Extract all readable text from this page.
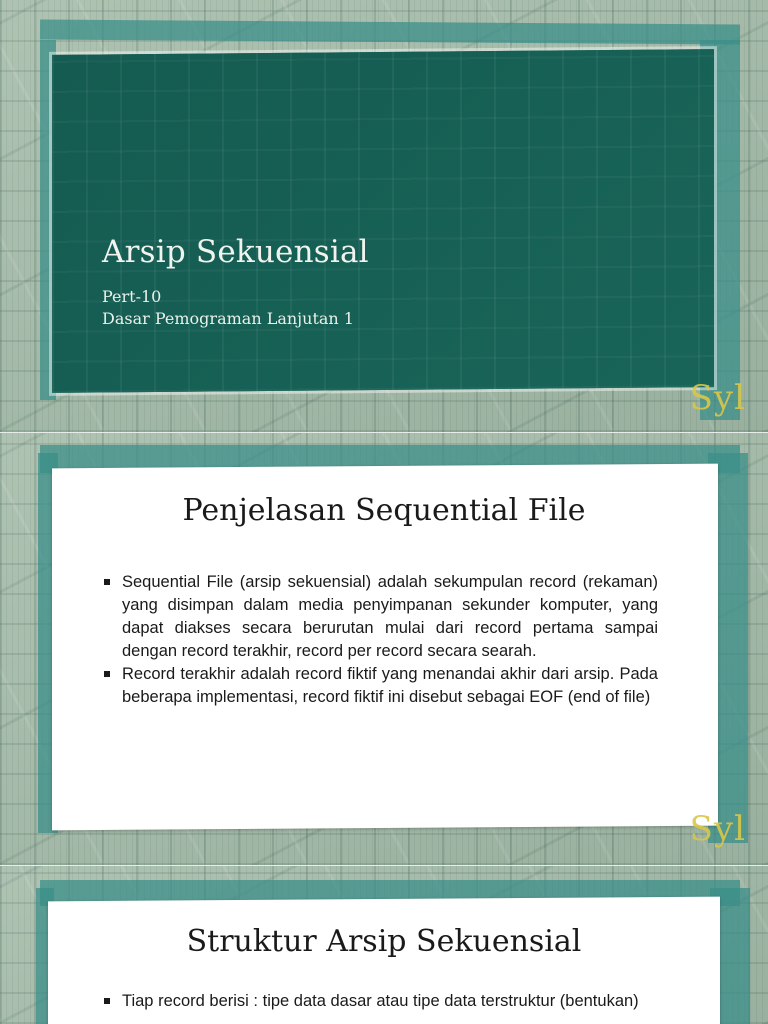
Arsip Sekuensial
Pert-10
Dasar Pemograman Lanjutan 1
Syl
Penjelasan Sequential File
Sequential File (arsip sekuensial) adalah sekumpulan record (rekaman) yang disimpan dalam media penyimpanan sekunder komputer, yang dapat diakses secara berurutan mulai dari record pertama sampai dengan record terakhir, record per record secara searah.
Record terakhir adalah record fiktif yang menandai akhir dari arsip. Pada beberapa implementasi, record fiktif ini disebut sebagai EOF (end of file)
Syl
Struktur Arsip Sekuensial
Tiap record berisi : tipe data dasar atau tipe data terstruktur (bentukan)
